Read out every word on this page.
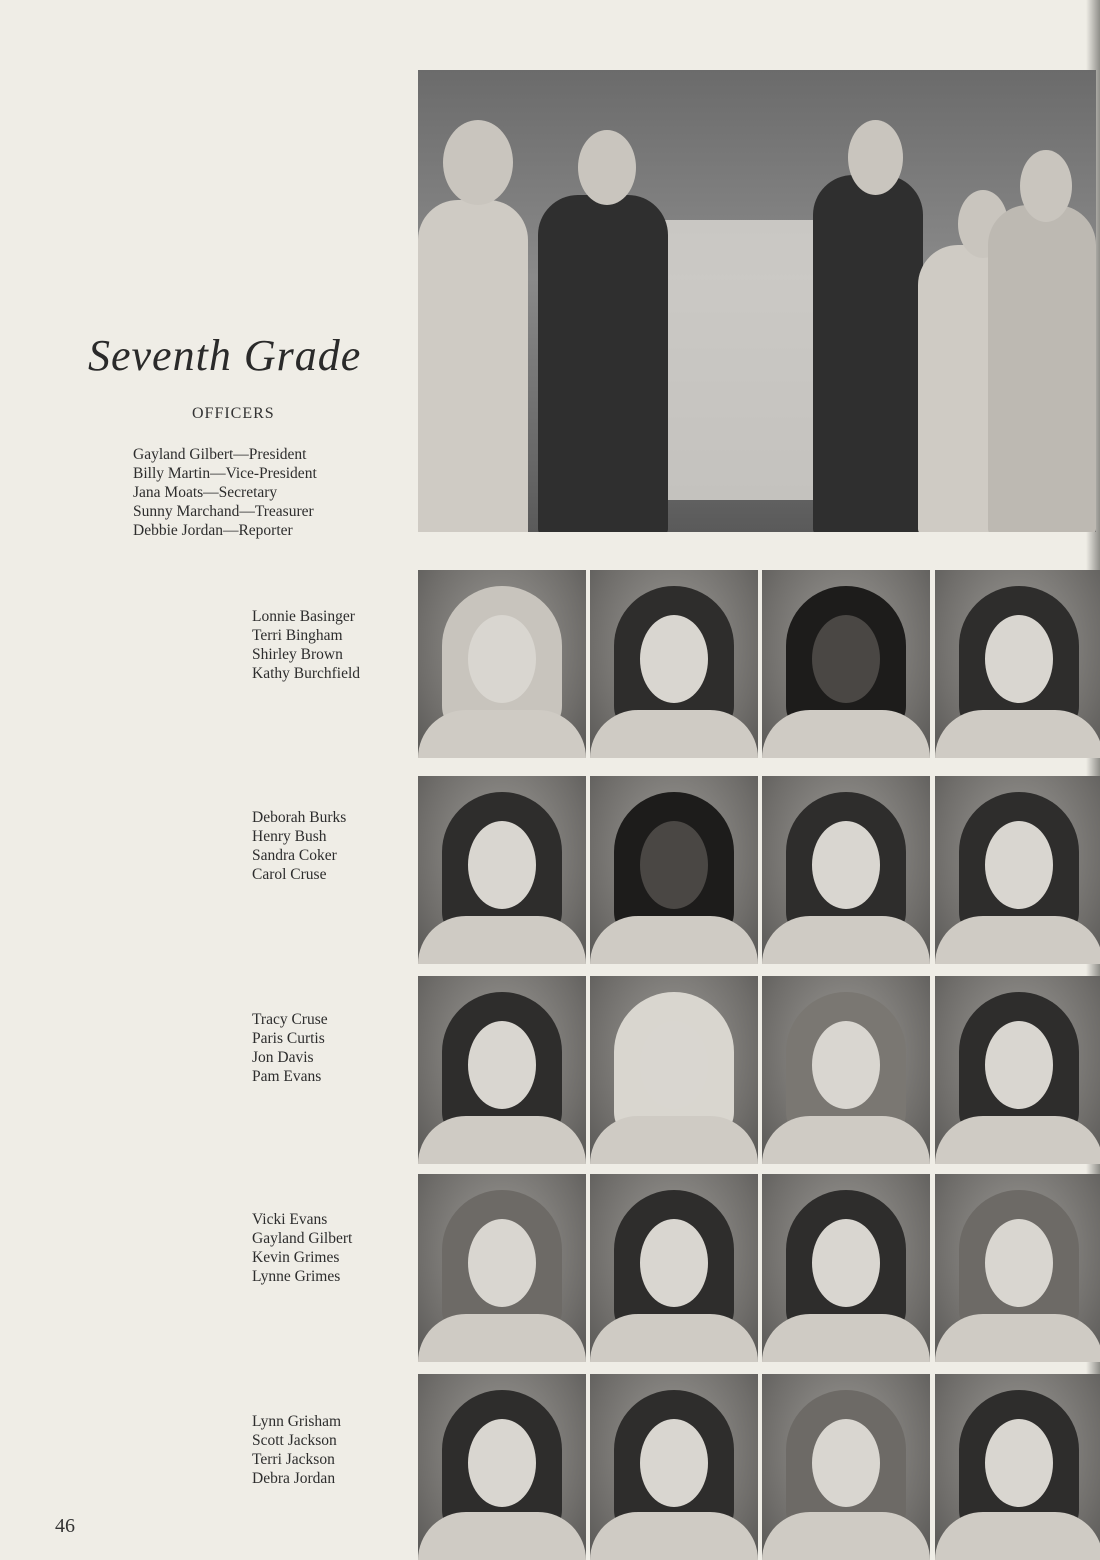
Seventh Grade
OFFICERS
Gayland Gilbert—President
Billy Martin—Vice-President
Jana Moats—Secretary
Sunny Marchand—Treasurer
Debbie Jordan—Reporter
Lonnie Basinger
Terri Bingham
Shirley Brown
Kathy Burchfield
Deborah Burks
Henry Bush
Sandra Coker
Carol Cruse
Tracy Cruse
Paris Curtis
Jon Davis
Pam Evans
Vicki Evans
Gayland Gilbert
Kevin Grimes
Lynne Grimes
Lynn Grisham
Scott Jackson
Terri Jackson
Debra Jordan
46
